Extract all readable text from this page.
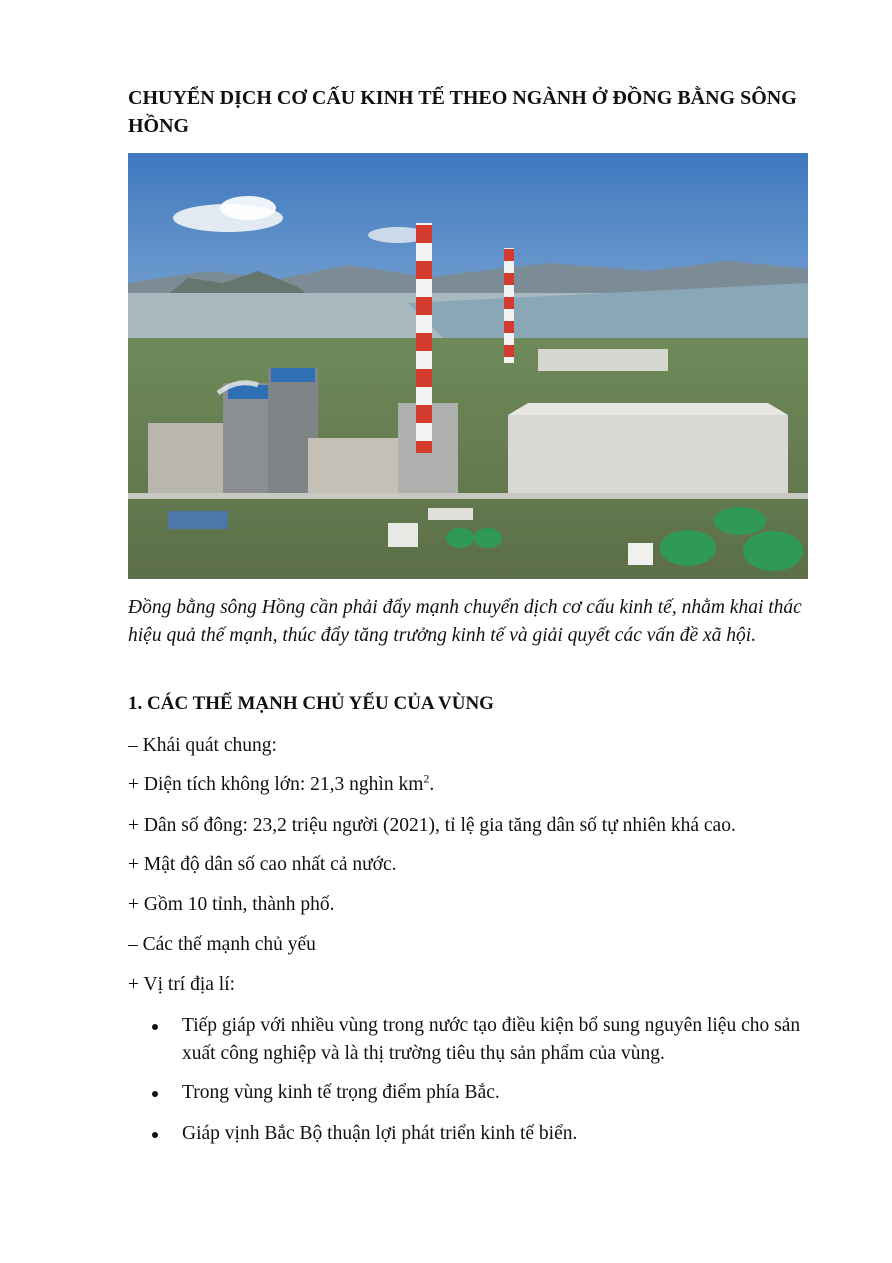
CHUYỂN DỊCH CƠ CẤU KINH TẾ THEO NGÀNH Ở ĐỒNG BẰNG SÔNG HỒNG

Đồng bằng sông Hồng cần phải đẩy mạnh chuyển dịch cơ cấu kinh tế, nhằm khai thác hiệu quả thế mạnh, thúc đẩy tăng trưởng kinh tế và giải quyết các vấn đề xã hội.

1. CÁC THẾ MẠNH CHỦ YẾU CỦA VÙNG

– Khái quát chung:

+ Diện tích không lớn: 21,3 nghìn $km^2$.

+ Dân số đông: 23,2 triệu người (2021), tỉ lệ gia tăng dân số tự nhiên khá cao.

+ Mật độ dân số cao nhất cả nước.

+ Gồm 10 tỉnh, thành phố.

– Các thế mạnh chủ yếu

+ Vị trí địa lí:

Tiếp giáp với nhiều vùng trong nước tạo điều kiện bổ sung nguyên liệu cho sản xuất công nghiệp và là thị trường tiêu thụ sản phẩm của vùng.
Trong vùng kinh tế trọng điểm phía Bắc.
Giáp vịnh Bắc Bộ thuận lợi phát triển kinh tế biển.
